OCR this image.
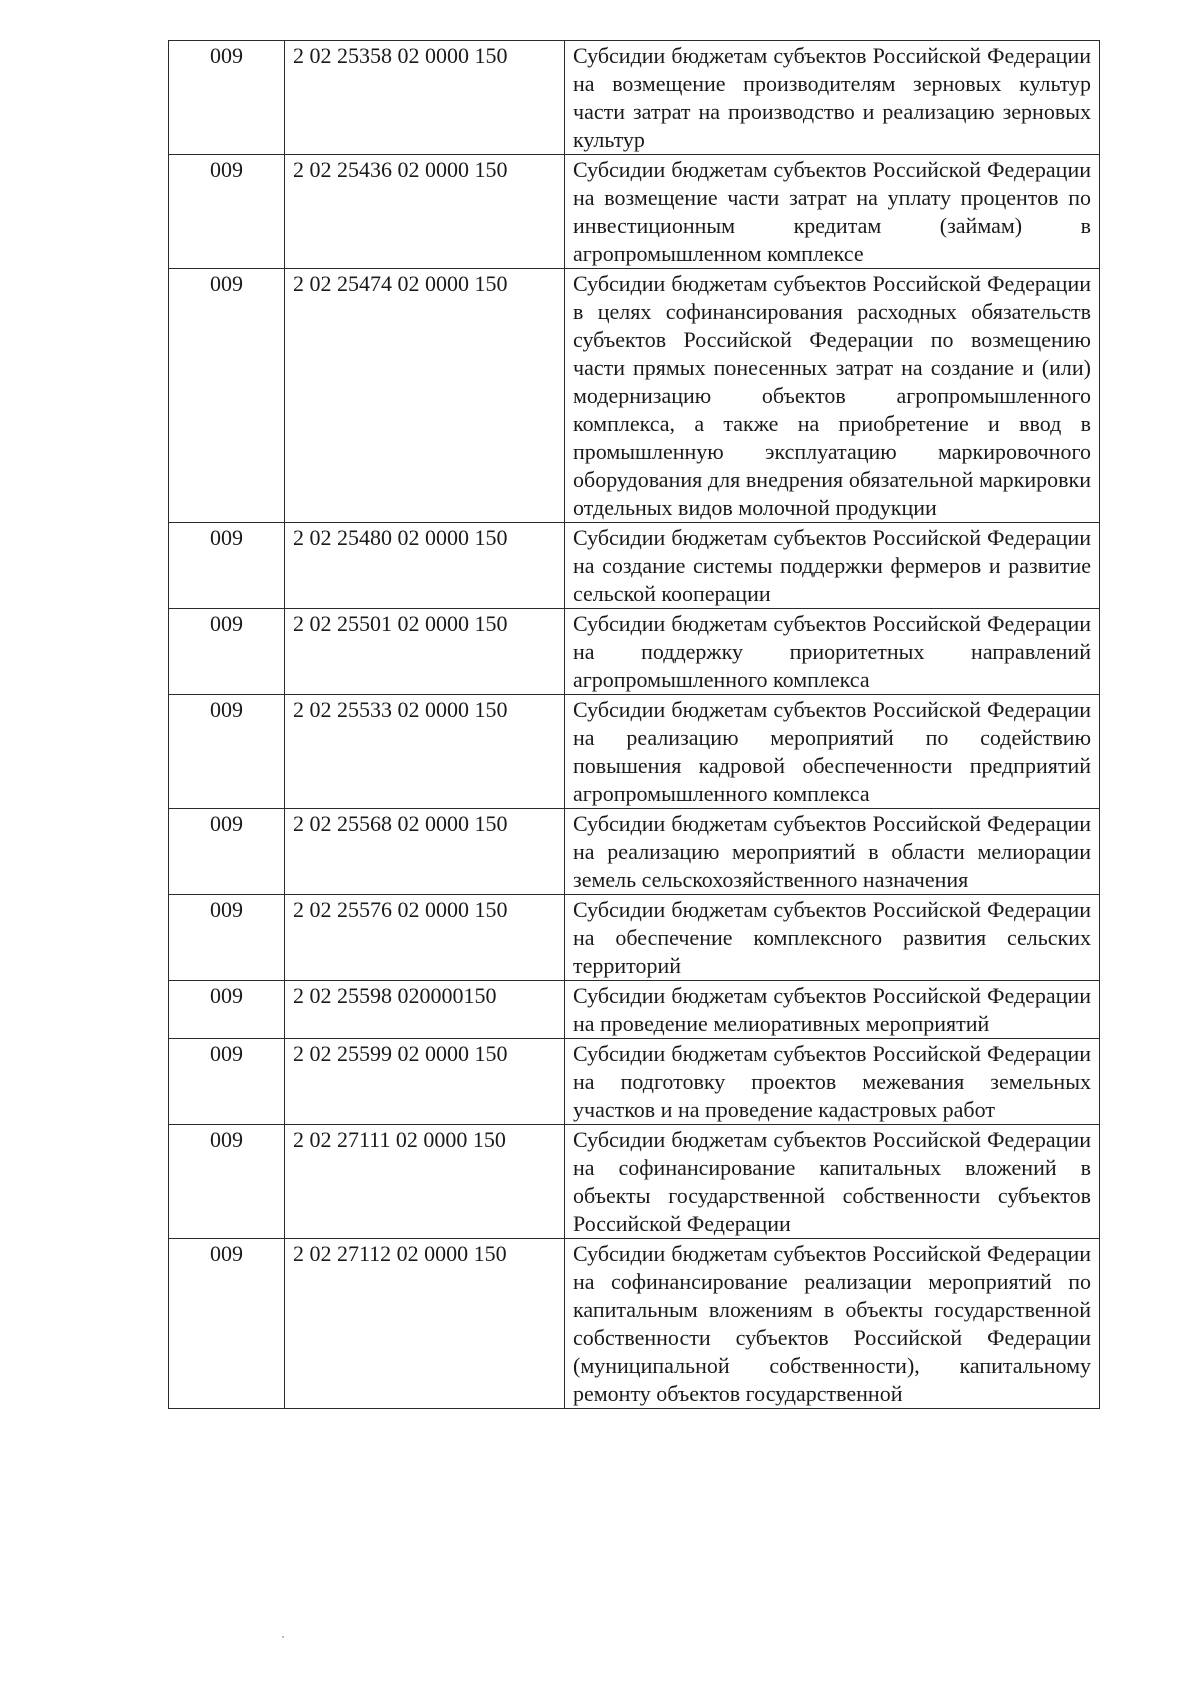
009	2 02 25358 02 0000 150	Субсидии бюджетам субъектов Российской Федерации на возмещение производителям зерновых культур части затрат на производство и реализацию зерновых культур
009	2 02 25436 02 0000 150	Субсидии бюджетам субъектов Российской Федерации на возмещение части затрат на уплату процентов по инвестиционным кредитам (займам) в агропромышленном комплексе
009	2 02 25474 02 0000 150	Субсидии бюджетам субъектов Российской Федерации в целях софинансирования расходных обязательств субъектов Российской Федерации по возмещению части прямых понесенных затрат на создание и (или) модернизацию объектов агропромышленного комплекса, а также на приобретение и ввод в промышленную эксплуатацию маркировочного оборудования для внедрения обязательной маркировки отдельных видов молочной продукции
009	2 02 25480 02 0000 150	Субсидии бюджетам субъектов Российской Федерации на создание системы поддержки фермеров и развитие сельской кооперации
009	2 02 25501 02 0000 150	Субсидии бюджетам субъектов Российской Федерации на поддержку приоритетных направлений агропромышленного комплекса
009	2 02 25533 02 0000 150	Субсидии бюджетам субъектов Российской Федерации на реализацию мероприятий по содействию повышения кадровой обеспеченности предприятий агропромышленного комплекса
009	2 02 25568 02 0000 150	Субсидии бюджетам субъектов Российской Федерации на реализацию мероприятий в области мелиорации земель сельскохозяйственного назначения
009	2 02 25576 02 0000 150	Субсидии бюджетам субъектов Российской Федерации на обеспечение комплексного развития сельских территорий
009	2 02 25598 020000150	Субсидии бюджетам субъектов Российской Федерации на проведение мелиоративных мероприятий
009	2 02 25599 02 0000 150	Субсидии бюджетам субъектов Российской Федерации на подготовку проектов межевания земельных участков и на проведение кадастровых работ
009	2 02 27111 02 0000 150	Субсидии бюджетам субъектов Российской Федерации на софинансирование капитальных вложений в объекты государственной собственности субъектов Российской Федерации
009	2 02 27112 02 0000 150	Субсидии бюджетам субъектов Российской Федерации на софинансирование реализации мероприятий по капитальным вложениям в объекты государственной собственности субъектов Российской Федерации (муниципальной собственности), капитальному ремонту объектов государственной
